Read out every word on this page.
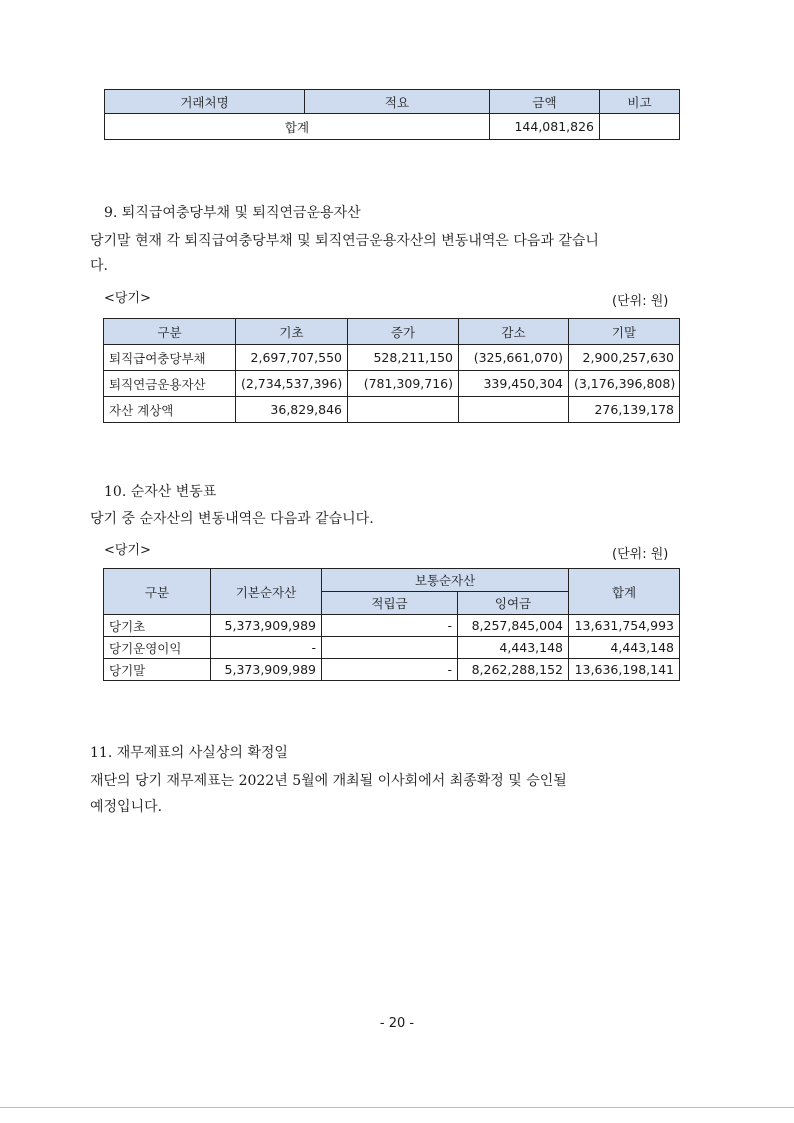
거래처명	적요	금액	비고
합계		144,081,826	
9. 퇴직급여충당부채 및 퇴직연금운용자산
당기말 현재 각 퇴직급여충당부채 및 퇴직연금운용자산의 변동내역은 다음과 같습니
다.
<당기>	(단위: 원)
구분	기초	증가	감소	기말
퇴직급여충당부채	2,697,707,550	528,211,150	(325,661,070)	2,900,257,630
퇴직연금운용자산	(2,734,537,396)	(781,309,716)	339,450,304	(3,176,396,808)
자산 계상액	36,829,846			276,139,178
10. 순자산 변동표
당기 중 순자산의 변동내역은 다음과 같습니다.
<당기>	(단위: 원)
구분	기본순자산	보통순자산		합계
		적립금	잉여금	
당기초	5,373,909,989	-	8,257,845,004	13,631,754,993
당기운영이익	-		4,443,148	4,443,148
당기말	5,373,909,989	-	8,262,288,152	13,636,198,141
11. 재무제표의 사실상의 확정일
재단의 당기 재무제표는 2022년 5월에 개최될 이사회에서 최종확정 및 승인될
예정입니다.
- 20 -
